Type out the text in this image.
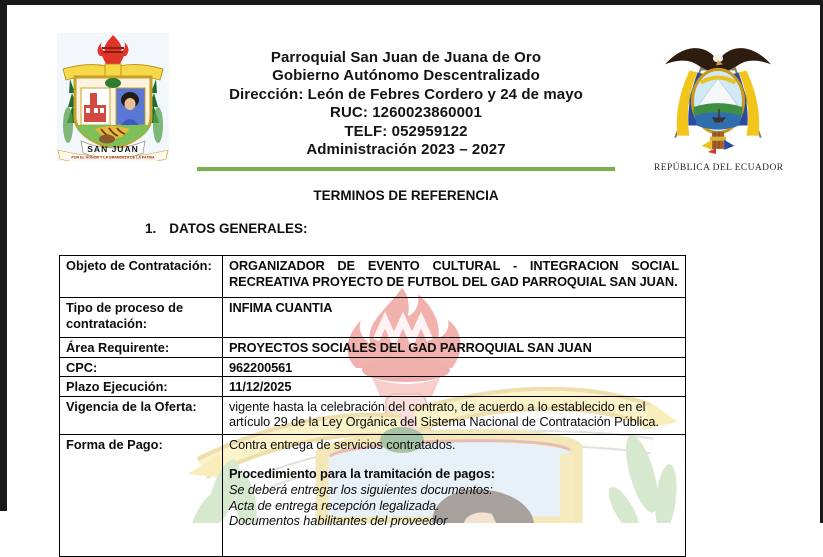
SAN JUAN
POR EL HONOR Y LA GRANDEZA DE LA PATRIA
Parroquial San Juan de Juana de Oro
Gobierno Autónomo Descentralizado
Dirección: León de Febres Cordero y 24 de mayo
RUC: 1260023860001
TELF: 052959122
Administración 2023 – 2027
REPÚBLICA DEL ECUADOR
TERMINOS DE REFERENCIA
1. DATOS GENERALES:
Objeto de Contratación:	ORGANIZADOR DE EVENTO CULTURAL - INTEGRACION SOCIAL RECREATIVA PROYECTO DE FUTBOL DEL GAD PARROQUIAL SAN JUAN.
Tipo de proceso de contratación:	INFIMA CUANTIA
Área Requirente:	PROYECTOS SOCIALES DEL GAD PARROQUIAL SAN JUAN
CPC:	962200561
Plazo Ejecución:	11/12/2025
Vigencia de la Oferta:	vigente hasta la celebración del contrato, de acuerdo a lo establecido en el artículo 29 de la Ley Orgánica del Sistema Nacional de Contratación Pública.
Forma de Pago:	Contra entrega de servicios contratados.

Procedimiento para la tramitación de pagos:

Se deberá entregar los siguientes documentos:

Acta de entrega recepción legalizada.

Documentos habilitantes del proveedor
